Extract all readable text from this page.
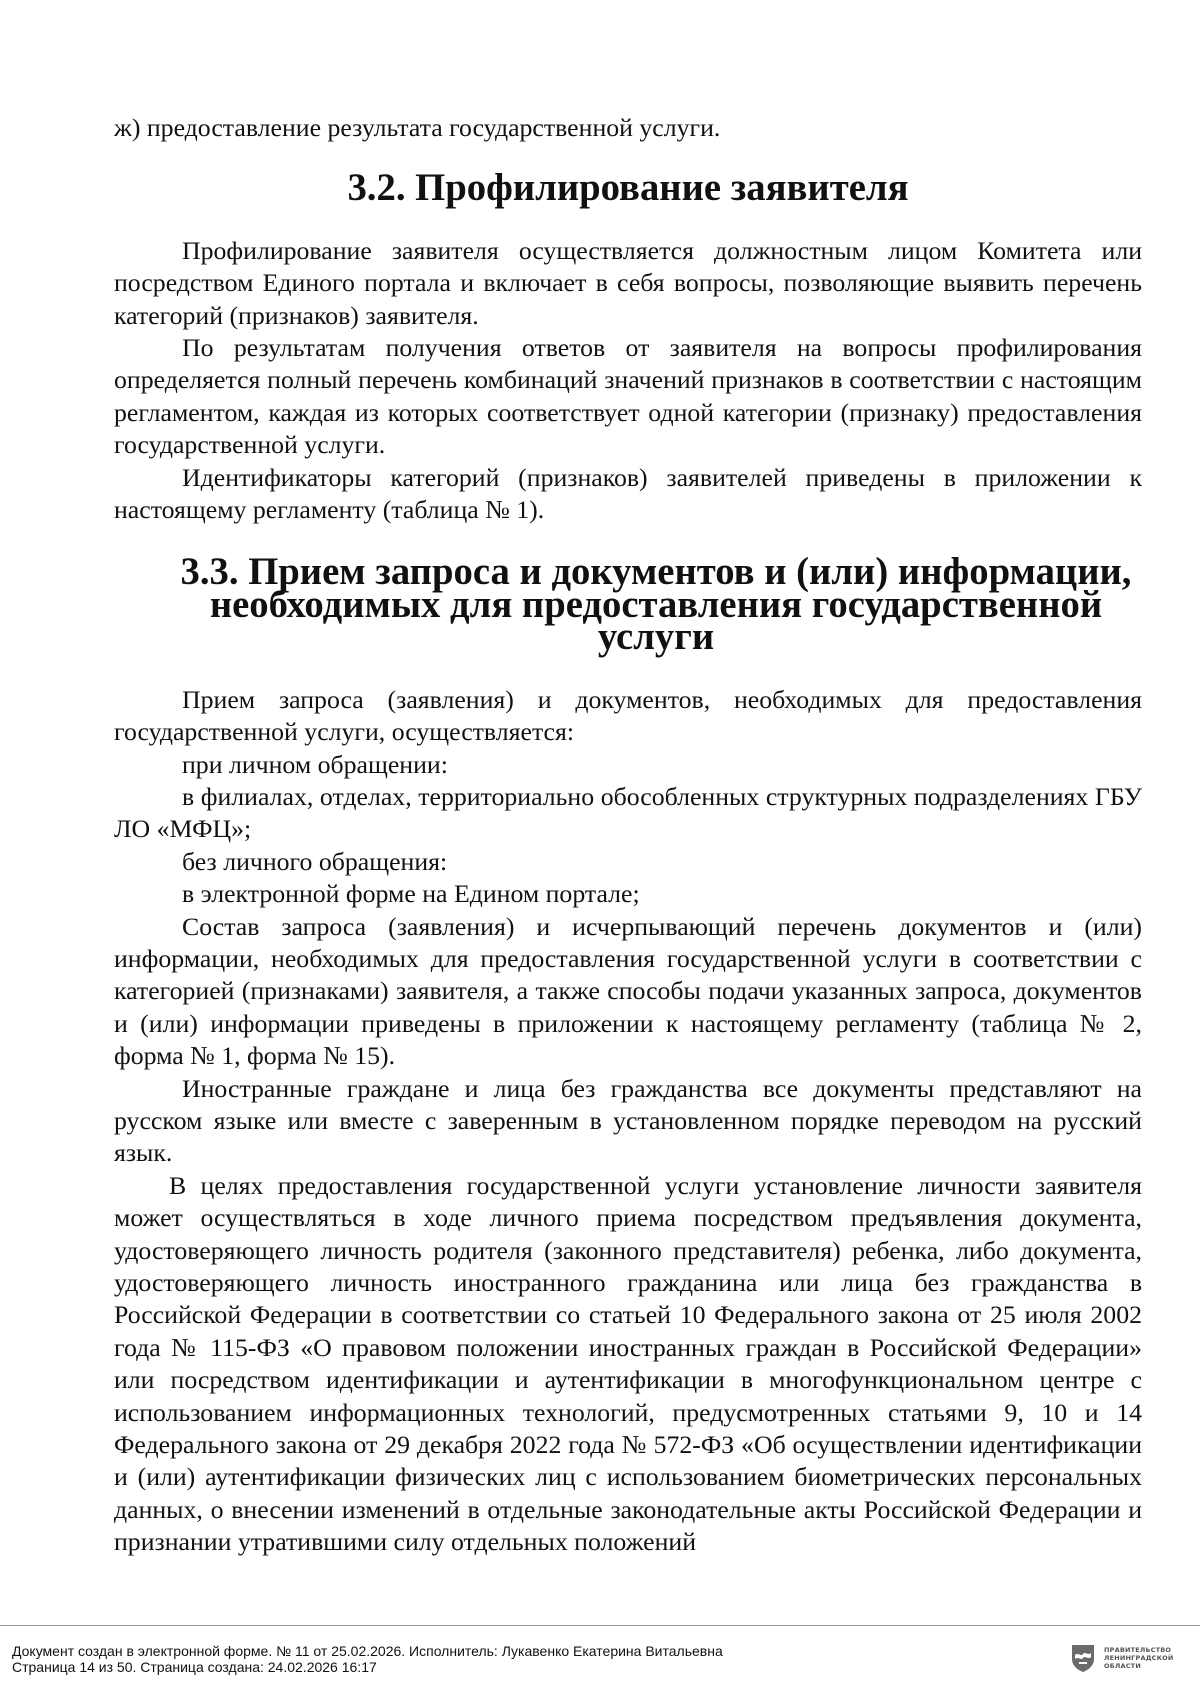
ж) предоставление результата государственной услуги.

3.2. Профилирование заявителя

Профилирование заявителя осуществляется должностным лицом Комитета или посредством Единого портала и включает в себя вопросы, позволяющие выявить перечень категорий (признаков) заявителя.

По результатам получения ответов от заявителя на вопросы профилирования определяется полный перечень комбинаций значений признаков в соответствии с настоящим регламентом, каждая из которых соответствует одной категории (признаку) предоставления государственной услуги.

Идентификаторы категорий (признаков) заявителей приведены в приложении к настоящему регламенту (таблица № 1).

3.3. Прием запроса и документов и (или) информации,
необходимых для предоставления государственной услуги

Прием запроса (заявления) и документов, необходимых для предоставления государственной услуги, осуществляется:

при личном обращении:

в филиалах, отделах, территориально обособленных структурных подразделениях ГБУ ЛО «МФЦ»;

без личного обращения:

в электронной форме на Едином портале;

Состав запроса (заявления) и исчерпывающий перечень документов и (или) информации, необходимых для предоставления государственной услуги в соответствии с категорией (признаками) заявителя, а также способы подачи указанных запроса, документов и (или) информации приведены в приложении к настоящему регламенту (таблица № 2, форма № 1, форма № 15).

Иностранные граждане и лица без гражданства все документы представляют на русском языке или вместе с заверенным в установленном порядке переводом на русский язык.

В целях предоставления государственной услуги установление личности заявителя может осуществляться в ходе личного приема посредством предъявления документа, удостоверяющего личность родителя (законного представителя) ребенка, либо документа, удостоверяющего личность иностранного гражданина или лица без гражданства в Российской Федерации в соответствии со статьей 10 Федерального закона от 25 июля 2002 года № 115-ФЗ «О правовом положении иностранных граждан в Российской Федерации» или посредством идентификации и аутентификации в многофункциональном центре с использованием информационных технологий, предусмотренных статьями 9, 10 и 14 Федерального закона от 29 декабря 2022 года № 572-ФЗ «Об осуществлении идентификации и (или) аутентификации физических лиц с использованием биометрических персональных данных, о внесении изменений в отдельные законодательные акты Российской Федерации и признании утратившими силу отдельных положений

Документ создан в электронной форме. № 11 от 25.02.2026. Исполнитель: Лукавенко Екатерина Витальевна
Страница 14 из 50. Страница создана: 24.02.2026 16:17
ПРАВИТЕЛЬСТВО
ЛЕНИНГРАДСКОЙ
ОБЛАСТИ
